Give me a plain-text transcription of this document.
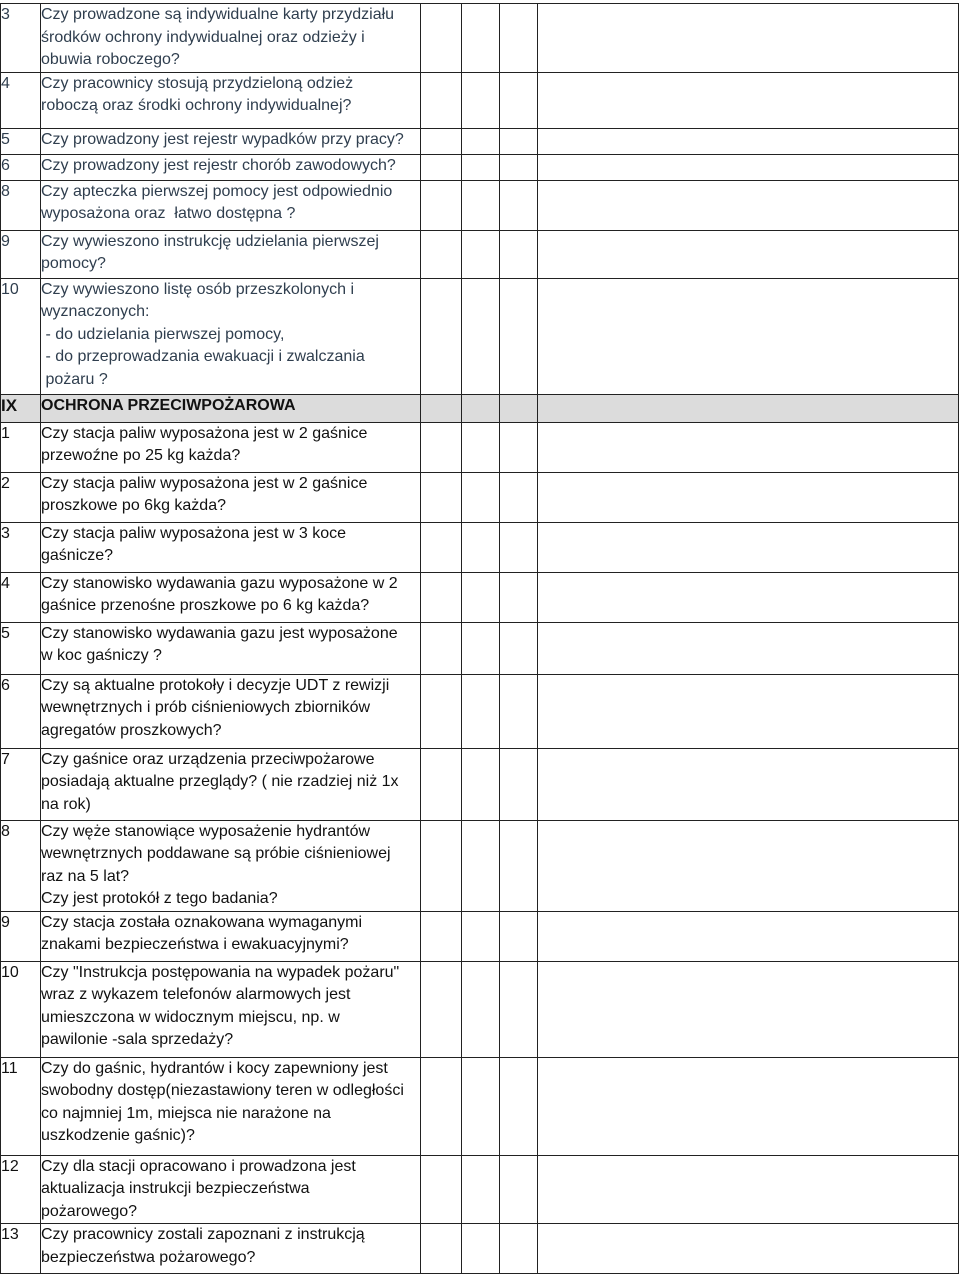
3	Czy prowadzone są indywidualne karty przydziału
środków ochrony indywidualnej oraz odzieży i
obuwia roboczego?				

4	Czy pracownicy stosują przydzieloną odzież
roboczą oraz środki ochrony indywidualnej?				

5	Czy prowadzony jest rejestr wypadków przy pracy?				

6	Czy prowadzony jest rejestr chorób zawodowych?				

8	Czy apteczka pierwszej pomocy jest odpowiednio
wyposażona oraz  łatwo dostępna ?				

9	Czy wywieszono instrukcję udzielania pierwszej
pomocy?				

10	Czy wywieszono listę osób przeszkolonych i
wyznaczonych:
- do udzielania pierwszej pomocy,
- do przeprowadzania ewakuacji i zwalczania
pożaru ?				

IX	OCHRONA PRZECIWPOŻAROWA				
1	Czy stacja paliw wyposażona jest w 2 gaśnice
przewoźne po 25 kg każda?				

2	Czy stacja paliw wyposażona jest w 2 gaśnice
proszkowe po 6kg każda?				

3	Czy stacja paliw wyposażona jest w 3 koce
gaśnicze?				

4	Czy stanowisko wydawania gazu wyposażone w 2
gaśnice przenośne proszkowe po 6 kg każda?				

5	Czy stanowisko wydawania gazu jest wyposażone
w koc gaśniczy ?				

6	Czy są aktualne protokoły i decyzje UDT z rewizji
wewnętrznych i prób ciśnieniowych zbiorników
agregatów proszkowych?				

7	Czy gaśnice oraz urządzenia przeciwpożarowe
posiadają aktualne przeglądy? ( nie rzadziej niż 1x
na rok)				

8	Czy węże stanowiące wyposażenie hydrantów
wewnętrznych poddawane są próbie ciśnieniowej
raz na 5 lat?
Czy jest protokół z tego badania?				

9	Czy stacja została oznakowana wymaganymi
znakami bezpieczeństwa i ewakuacyjnymi?				

10	Czy "Instrukcja postępowania na wypadek pożaru"
wraz z wykazem telefonów alarmowych jest
umieszczona w widocznym miejscu, np. w
pawilonie -sala sprzedaży?				

11	Czy do gaśnic, hydrantów i kocy zapewniony jest
swobodny dostęp(niezastawiony teren w odległości
co najmniej 1m, miejsca nie narażone na
uszkodzenie gaśnic)?				

12	Czy dla stacji opracowano i prowadzona jest
aktualizacja instrukcji bezpieczeństwa
pożarowego?				

13	Czy pracownicy zostali zapoznani z instrukcją
bezpieczeństwa pożarowego?				
